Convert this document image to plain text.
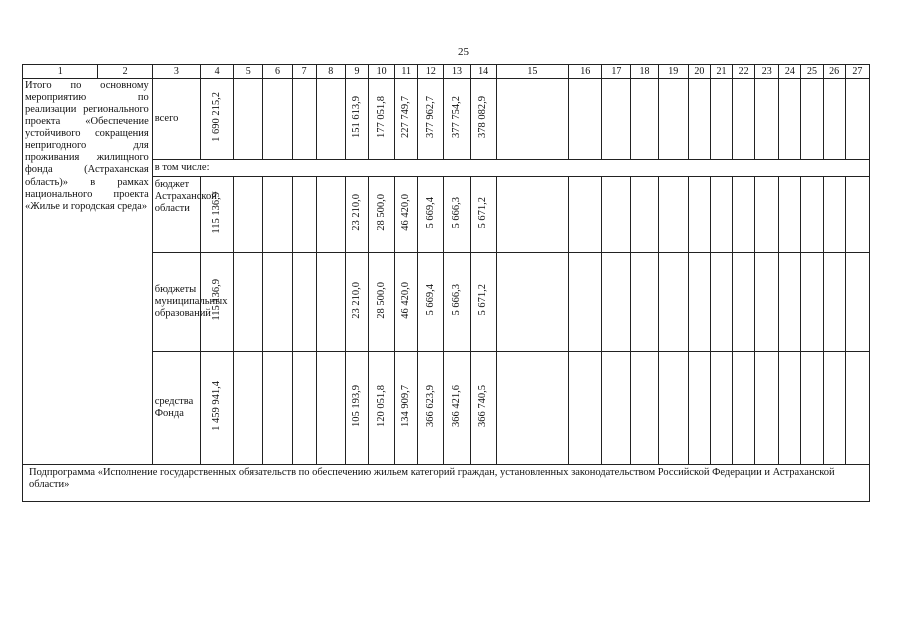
25
1	2	3	4	5	6	7	8	9	10	11	12	13	14	15	16	17	18	19	20	21	22	23	24	25	26	27
Итого по основному мероприятию по реализации регионального проекта «Обеспечение устойчивого сокращения непригодного для проживания жилищного фонда (Астраханская область)» в рамках национального проекта «Жилье и городская среда»		всего	1 690 215,2					151 613,9	177 051,8	227 749,7	377 962,7	377 754,2	378 082,9													
		в том числе:																								
		бюджет Астраханской области	115 136,9					23 210,0	28 500,0	46 420,0	5 669,4	5 666,3	5 671,2													
		бюджеты муниципальных образований	115 136,9					23 210,0	28 500,0	46 420,0	5 669,4	5 666,3	5 671,2													
		средства Фонда	1 459 941,4					105 193,9	120 051,8	134 909,7	366 623,9	366 421,6	366 740,5													
Подпрограмма «Исполнение государственных обязательств по обеспечению жильем категорий граждан, установленных законодательством Российской Федерации и Астраханской области»																										
